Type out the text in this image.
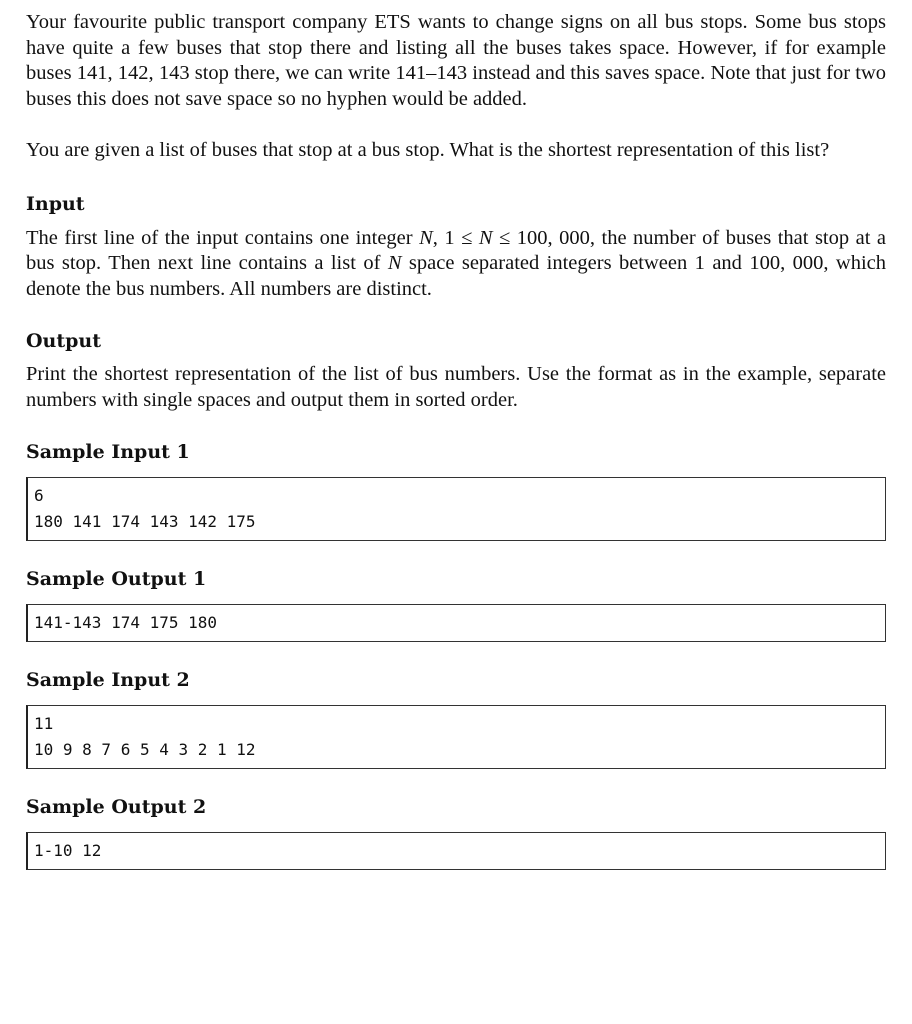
Your favourite public transport company ETS wants to change signs on all bus stops. Some bus stops have quite a few buses that stop there and listing all the buses takes space. However, if for example buses 141, 142, 143 stop there, we can write 141–143 instead and this saves space. Note that just for two buses this does not save space so no hyphen would be added.

You are given a list of buses that stop at a bus stop. What is the shortest representation of this list?

Input

The first line of the input contains one integer N, 1 ≤ N ≤ 100, 000, the number of buses that stop at a bus stop. Then next line contains a list of N space separated integers between 1 and 100, 000, which denote the bus numbers. All numbers are distinct.

Output

Print the shortest representation of the list of bus numbers. Use the format as in the example, separate numbers with single spaces and output them in sorted order.

Sample Input 1
6
180 141 174 143 142 175
Sample Output 1
141-143 174 175 180
Sample Input 2
11
10 9 8 7 6 5 4 3 2 1 12
Sample Output 2
1-10 12
